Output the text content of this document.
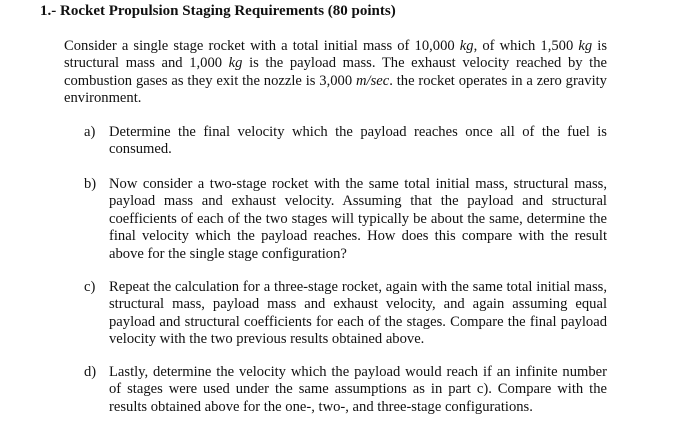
1.- Rocket Propulsion Staging Requirements (80 points)
Consider a single stage rocket with a total initial mass of 10,000 kg, of which 1,500 kg is structural mass and 1,000 kg is the payload mass. The exhaust velocity reached by the combustion gases as they exit the nozzle is 3,000 m/sec. the rocket operates in a zero gravity environment.
a) Determine the final velocity which the payload reaches once all of the fuel is consumed.
b) Now consider a two-stage rocket with the same total initial mass, structural mass, payload mass and exhaust velocity. Assuming that the payload and structural coefficients of each of the two stages will typically be about the same, determine the final velocity which the payload reaches. How does this compare with the result above for the single stage configuration?
c) Repeat the calculation for a three-stage rocket, again with the same total initial mass, structural mass, payload mass and exhaust velocity, and again assuming equal payload and structural coefficients for each of the stages. Compare the final payload velocity with the two previous results obtained above.
d) Lastly, determine the velocity which the payload would reach if an infinite number of stages were used under the same assumptions as in part c). Compare with the results obtained above for the one-, two-, and three-stage configurations.
